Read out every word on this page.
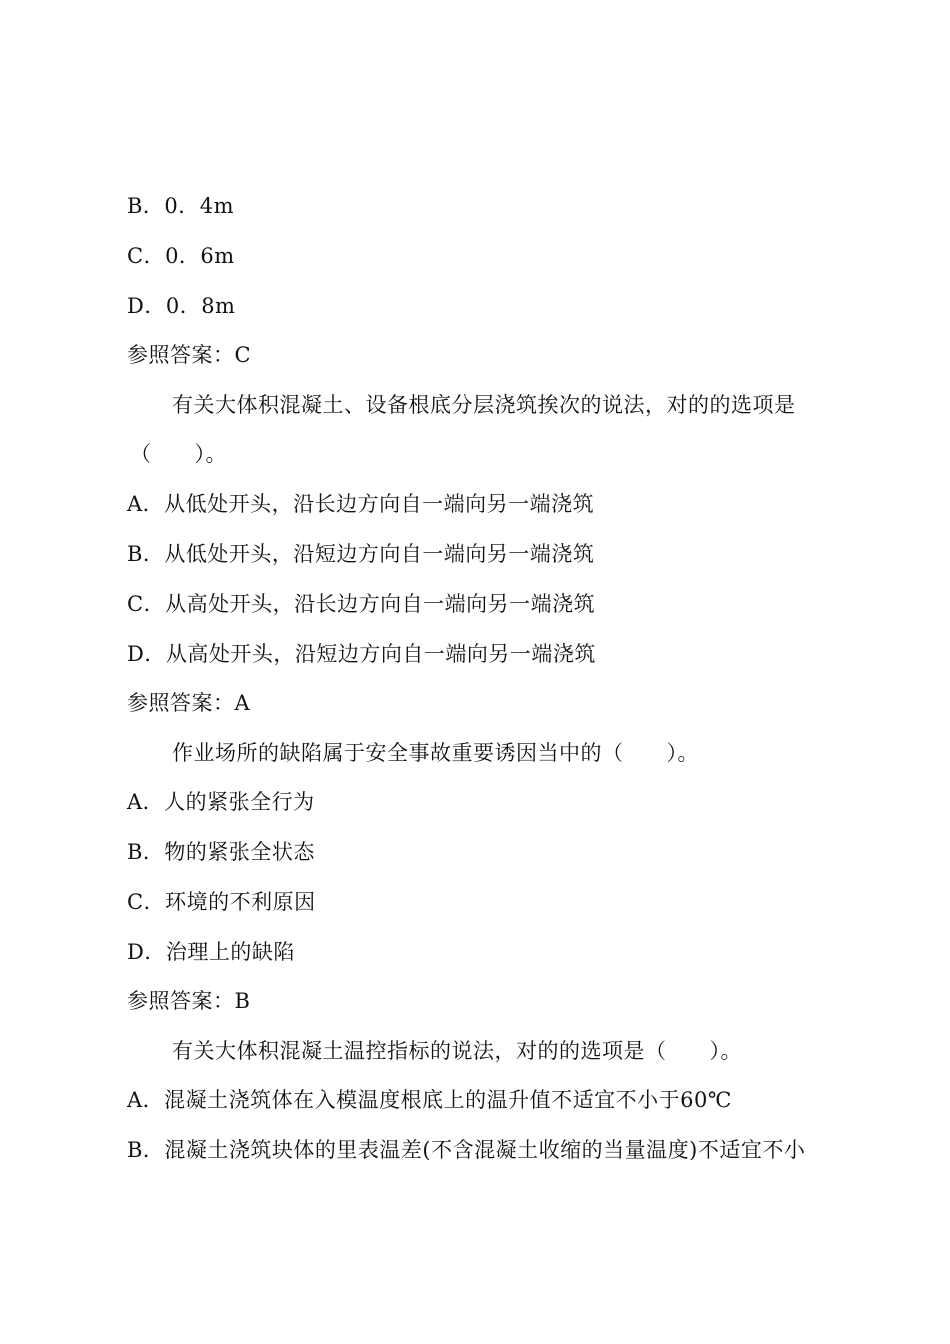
B．0．4m
C．0．6m
D．0．8m
参照答案：C
有关大体积混凝土、设备根底分层浇筑挨次的说法，对的的选项是
（　　）。
A．从低处开头，沿长边方向自一端向另一端浇筑
B．从低处开头，沿短边方向自一端向另一端浇筑
C．从高处开头，沿长边方向自一端向另一端浇筑
D．从高处开头，沿短边方向自一端向另一端浇筑
参照答案：A
作业场所的缺陷属于安全事故重要诱因当中的（　　）。
A．人的紧张全行为
B．物的紧张全状态
C．环境的不利原因
D．治理上的缺陷
参照答案：B
有关大体积混凝土温控指标的说法，对的的选项是（　　）。
A．混凝土浇筑体在入模温度根底上的温升值不适宜不小于60℃
B．混凝土浇筑块体的里表温差(不含混凝土收缩的当量温度)不适宜不小
